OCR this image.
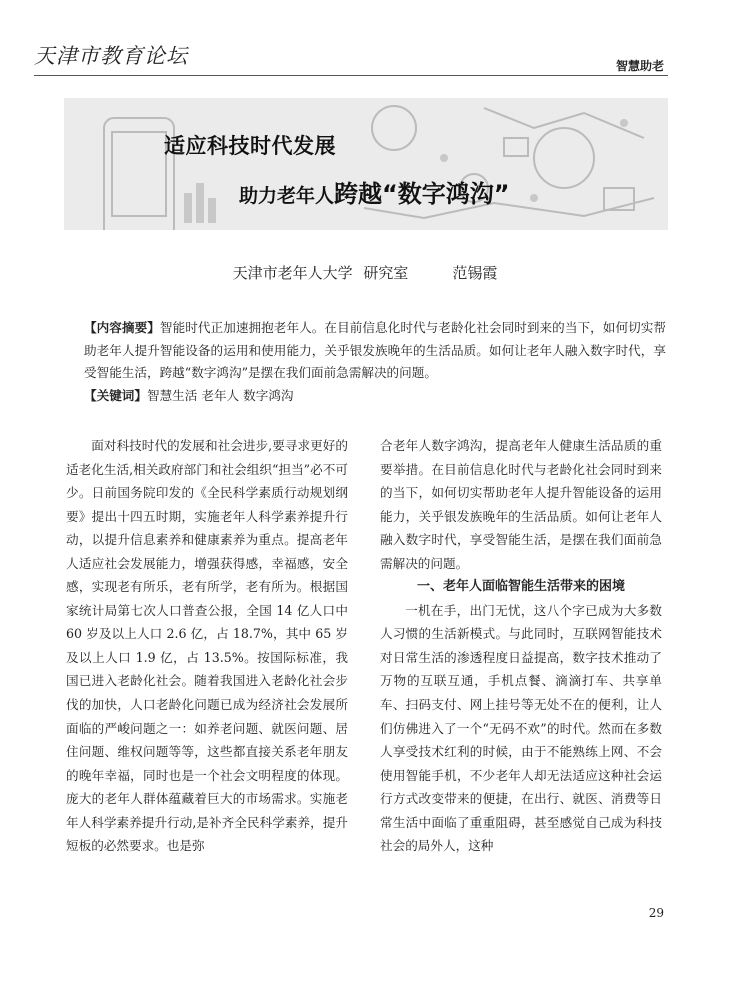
天津市教育论坛	智慧助老
适应科技时代发展
助力老年人跨越“数字鸿沟”
天津市老年人大学 研究室	范锡霞
【内容摘要】智能时代正加速拥抱老年人。在目前信息化时代与老龄化社会同时到来的当下，如何切实帮助老年人提升智能设备的运用和使用能力，关乎银发族晚年的生活品质。如何让老年人融入数字时代，享受智能生活，跨越“数字鸿沟”是摆在我们面前急需解决的问题。
【关键词】智慧生活 老年人 数字鸿沟

面对科技时代的发展和社会进步,要寻求更好的适老化生活,相关政府部门和社会组织“担当”必不可少。日前国务院印发的《全民科学素质行动规划纲要》提出十四五时期，实施老年人科学素养提升行动，以提升信息素养和健康素养为重点。提高老年人适应社会发展能力，增强获得感，幸福感，安全感，实现老有所乐，老有所学，老有所为。根据国家统计局第七次人口普查公报，全国 14 亿人口中 60 岁及以上人口 2.6 亿，占 18.7%，其中 65 岁及以上人口 1.9 亿，占 13.5%。按国际标准，我国已进入老龄化社会。随着我国进入老龄化社会步伐的加快，人口老龄化问题已成为经济社会发展所面临的严峻问题之一：如养老问题、就医问题、居住问题、维权问题等等，这些都直接关系老年朋友的晚年幸福，同时也是一个社会文明程度的体现。庞大的老年人群体蕴藏着巨大的市场需求。实施老年人科学素养提升行动,是补齐全民科学素养，提升短板的必然要求。也是弥

合老年人数字鸿沟，提高老年人健康生活品质的重要举措。在目前信息化时代与老龄化社会同时到来的当下，如何切实帮助老年人提升智能设备的运用能力，关乎银发族晚年的生活品质。如何让老年人融入数字时代，享受智能生活，是摆在我们面前急需解决的问题。

一、老年人面临智能生活带来的困境

一机在手，出门无忧，这八个字已成为大多数人习惯的生活新模式。与此同时，互联网智能技术对日常生活的渗透程度日益提高，数字技术推动了万物的互联互通，手机点餐、滴滴打车、共享单车、扫码支付、网上挂号等无处不在的便利，让人们仿佛进入了一个“无码不欢”的时代。然而在多数人享受技术红利的时候，由于不能熟练上网、不会使用智能手机，不少老年人却无法适应这种社会运行方式改变带来的便捷，在出行、就医、消费等日常生活中面临了重重阻碍，甚至感觉自己成为科技社会的局外人，这种

29
